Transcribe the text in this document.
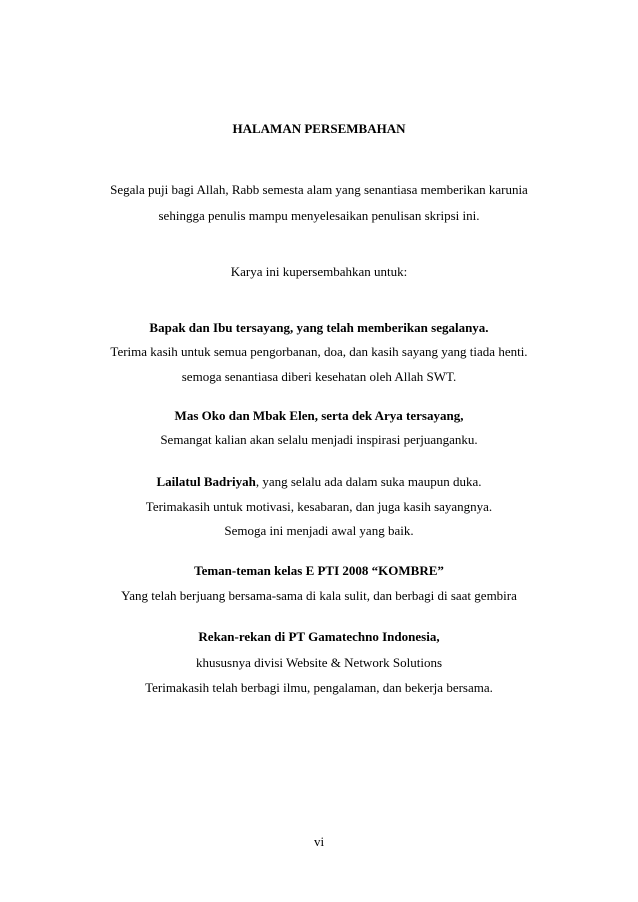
HALAMAN PERSEMBAHAN
Segala puji bagi Allah, Rabb semesta alam yang senantiasa memberikan karunia
sehingga penulis mampu menyelesaikan penulisan skripsi ini.
Karya ini kupersembahkan untuk:
Bapak dan Ibu tersayang, yang telah memberikan segalanya.
Terima kasih untuk semua pengorbanan, doa, dan kasih sayang yang tiada henti.
semoga senantiasa diberi kesehatan oleh Allah SWT.
Mas Oko dan Mbak Elen, serta dek Arya tersayang,
Semangat kalian akan selalu menjadi inspirasi perjuanganku.
Lailatul Badriyah, yang selalu ada dalam suka maupun duka.
Terimakasih untuk motivasi, kesabaran, dan juga kasih sayangnya.
Semoga ini menjadi awal yang baik.
Teman-teman kelas E PTI 2008 “KOMBRE”
Yang telah berjuang bersama-sama di kala sulit, dan berbagi di saat gembira
Rekan-rekan di PT Gamatechno Indonesia,
khususnya divisi Website & Network Solutions
Terimakasih telah berbagi ilmu, pengalaman, dan bekerja bersama.
vi
